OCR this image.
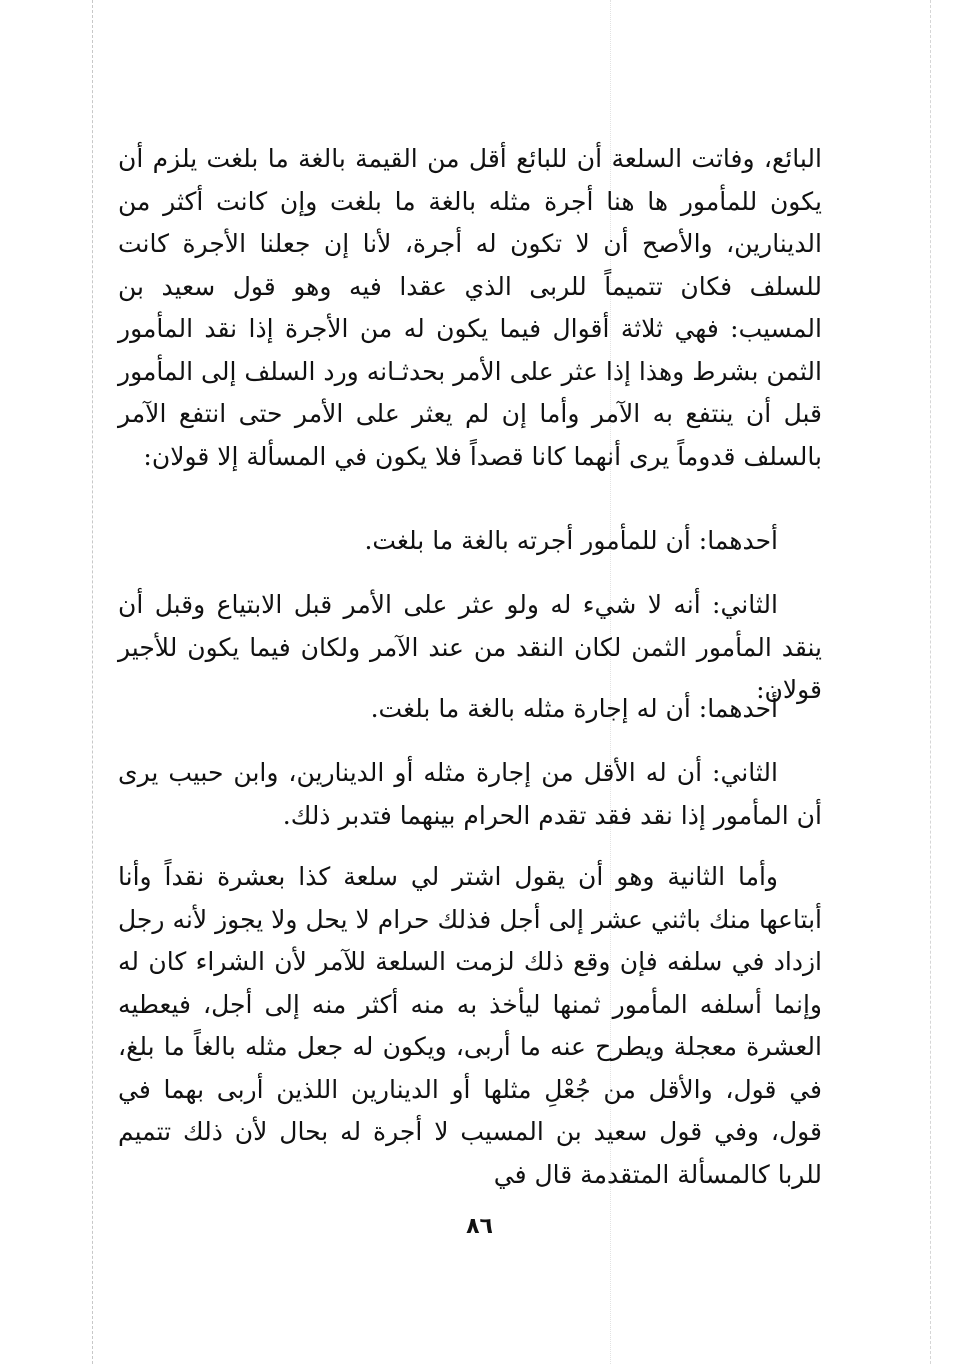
البائع، وفاتت السلعة أن للبائع أقل من القيمة بالغة ما بلغت يلزم أن يكون للمأمور ها هنا أجرة مثله بالغة ما بلغت وإن كانت أكثر من الدينارين، والأصح أن لا تكون له أجرة، لأنا إن جعلنا الأجرة كانت للسلف فكان تتميماً للربى الذي عقدا فيه وهو قول سعيد بن المسيب: فهي ثلاثة أقوال فيما يكون له من الأجرة إذا نقد المأمور الثمن بشرط وهذا إذا عثر على الأمر بحدثـانه ورد السلف إلى المأمور قبل أن ينتفع به الآمر وأما إن لم يعثر على الأمر حتى انتفع الآمر بالسلف قدوماً يرى أنهما كانا قصداً فلا يكون في المسألة إلا قولان:

أحدهما: أن للمأمور أجرته بالغة ما بلغت.

الثاني: أنه لا شيء له ولو عثر على الأمر قبل الابتياع وقبل أن ينقد المأمور الثمن لكان النقد من عند الآمر ولكان فيما يكون للأجير قولان:

أحدهما: أن له إجارة مثله بالغة ما بلغت.

الثاني: أن له الأقل من إجارة مثله أو الدينارين، وابن حبيب يرى أن المأمور إذا نقد فقد تقدم الحرام بينهما فتدبر ذلك.

وأما الثانية وهو أن يقول اشتر لي سلعة كذا بعشرة نقداً وأنا أبتاعها منك باثني عشر إلى أجل فذلك حرام لا يحل ولا يجوز لأنه رجل ازداد في سلفه فإن وقع ذلك لزمت السلعة للآمر لأن الشراء كان له وإنما أسلفه المأمور ثمنها ليأخذ به منه أكثر منه إلى أجل، فيعطيه العشرة معجلة ويطرح عنه ما أربى، ويكون له جعل مثله بالغاً ما بلغ، في قول، والأقل من جُعْلِ مثلها أو الدينارين اللذين أربى بهما في قول، وفي قول سعيد بن المسيب لا أجرة له بحال لأن ذلك تتميم للربا كالمسألة المتقدمة قال في

٨٦
